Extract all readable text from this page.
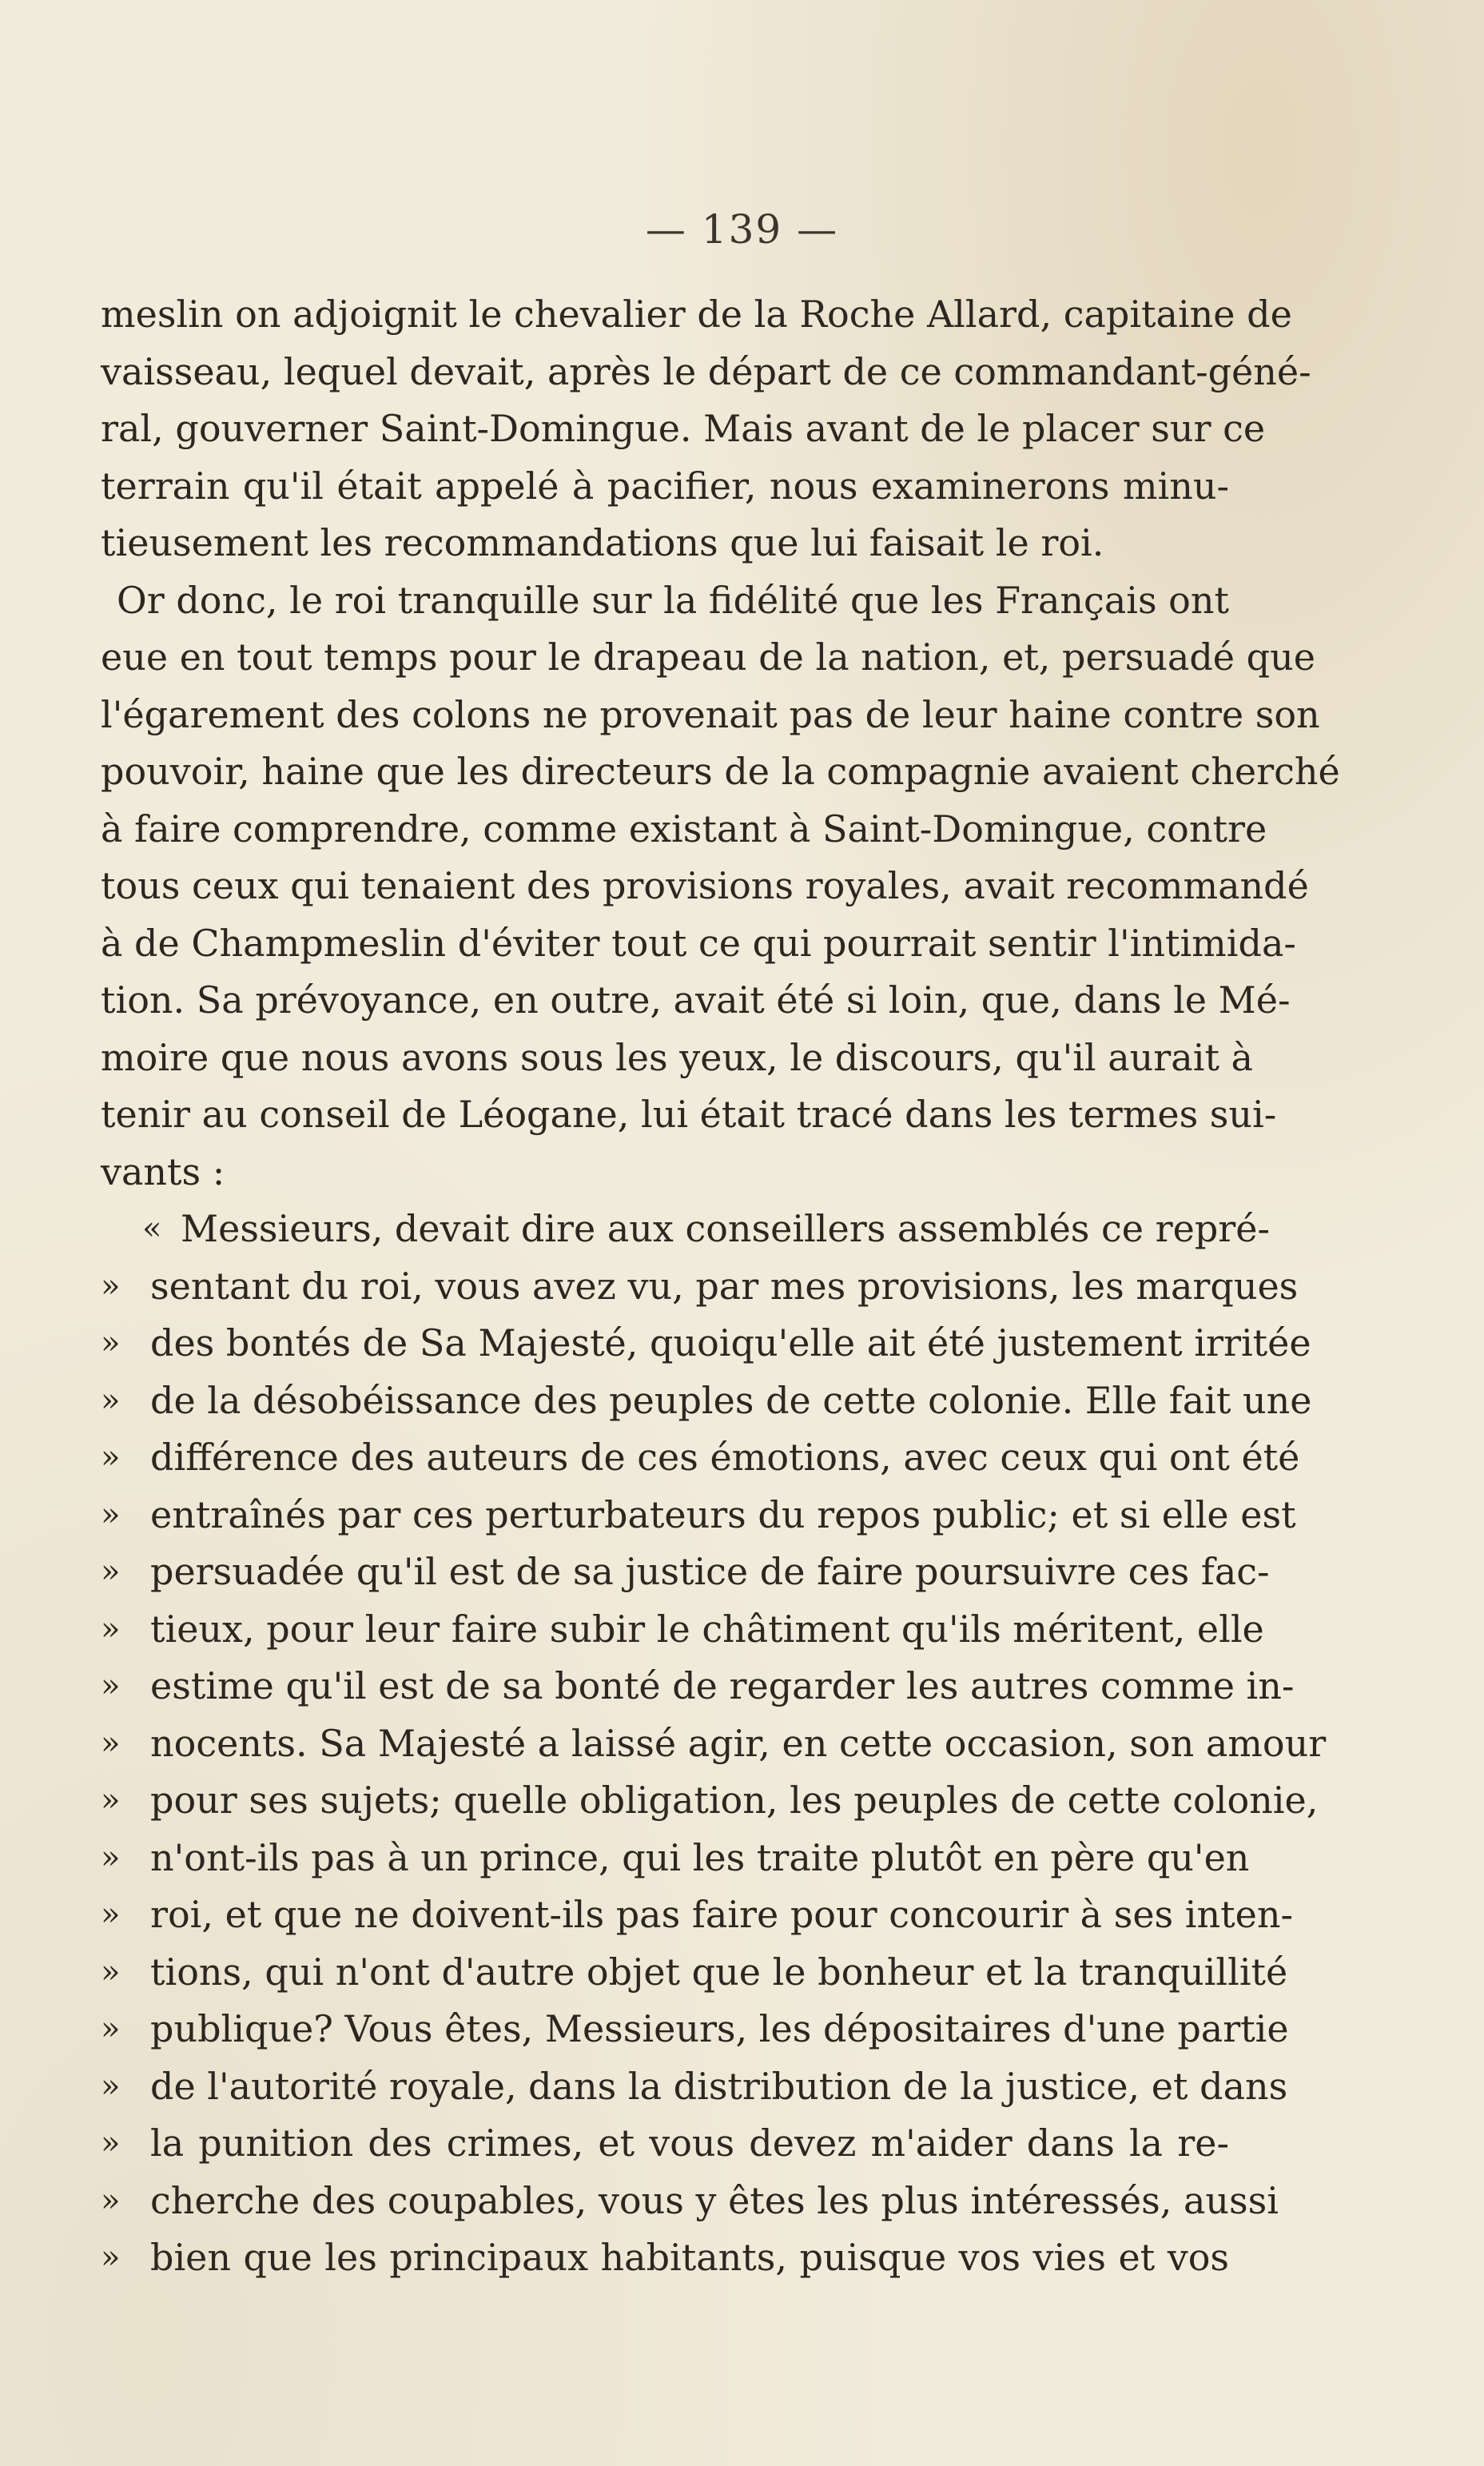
— 139 —
meslin on adjoignit le chevalier de la Roche Allard, capitaine de
vaisseau, lequel devait, après le départ de ce commandant-géné-
ral, gouverner Saint-Domingue. Mais avant de le placer sur ce
terrain qu'il était appelé à pacifier, nous examinerons minu-
tieusement les recommandations que lui faisait le roi.
Or donc, le roi tranquille sur la fidélité que les Français ont
eue en tout temps pour le drapeau de la nation, et, persuadé que
l'égarement des colons ne provenait pas de leur haine contre son
pouvoir, haine que les directeurs de la compagnie avaient cherché
à faire comprendre, comme existant à Saint-Domingue, contre
tous ceux qui tenaient des provisions royales, avait recommandé
à de Champmeslin d'éviter tout ce qui pourrait sentir l'intimida-
tion. Sa prévoyance, en outre, avait été si loin, que, dans le Mé-
moire que nous avons sous les yeux, le discours, qu'il aurait à
tenir au conseil de Léogane, lui était tracé dans les termes sui-
vants :
« Messieurs, devait dire aux conseillers assemblés ce repré-
» sentant du roi, vous avez vu, par mes provisions, les marques
» des bontés de Sa Majesté, quoiqu'elle ait été justement irritée
» de la désobéissance des peuples de cette colonie. Elle fait une
» différence des auteurs de ces émotions, avec ceux qui ont été
» entraînés par ces perturbateurs du repos public; et si elle est
» persuadée qu'il est de sa justice de faire poursuivre ces fac-
» tieux, pour leur faire subir le châtiment qu'ils méritent, elle
» estime qu'il est de sa bonté de regarder les autres comme in-
» nocents. Sa Majesté a laissé agir, en cette occasion, son amour
» pour ses sujets; quelle obligation, les peuples de cette colonie,
» n'ont-ils pas à un prince, qui les traite plutôt en père qu'en
» roi, et que ne doivent-ils pas faire pour concourir à ses inten-
» tions, qui n'ont d'autre objet que le bonheur et la tranquillité
» publique? Vous êtes, Messieurs, les dépositaires d'une partie
» de l'autorité royale, dans la distribution de la justice, et dans
» la punition des crimes, et vous devez m'aider dans la re-
» cherche des coupables, vous y êtes les plus intéressés, aussi
» bien que les principaux habitants, puisque vos vies et vos
